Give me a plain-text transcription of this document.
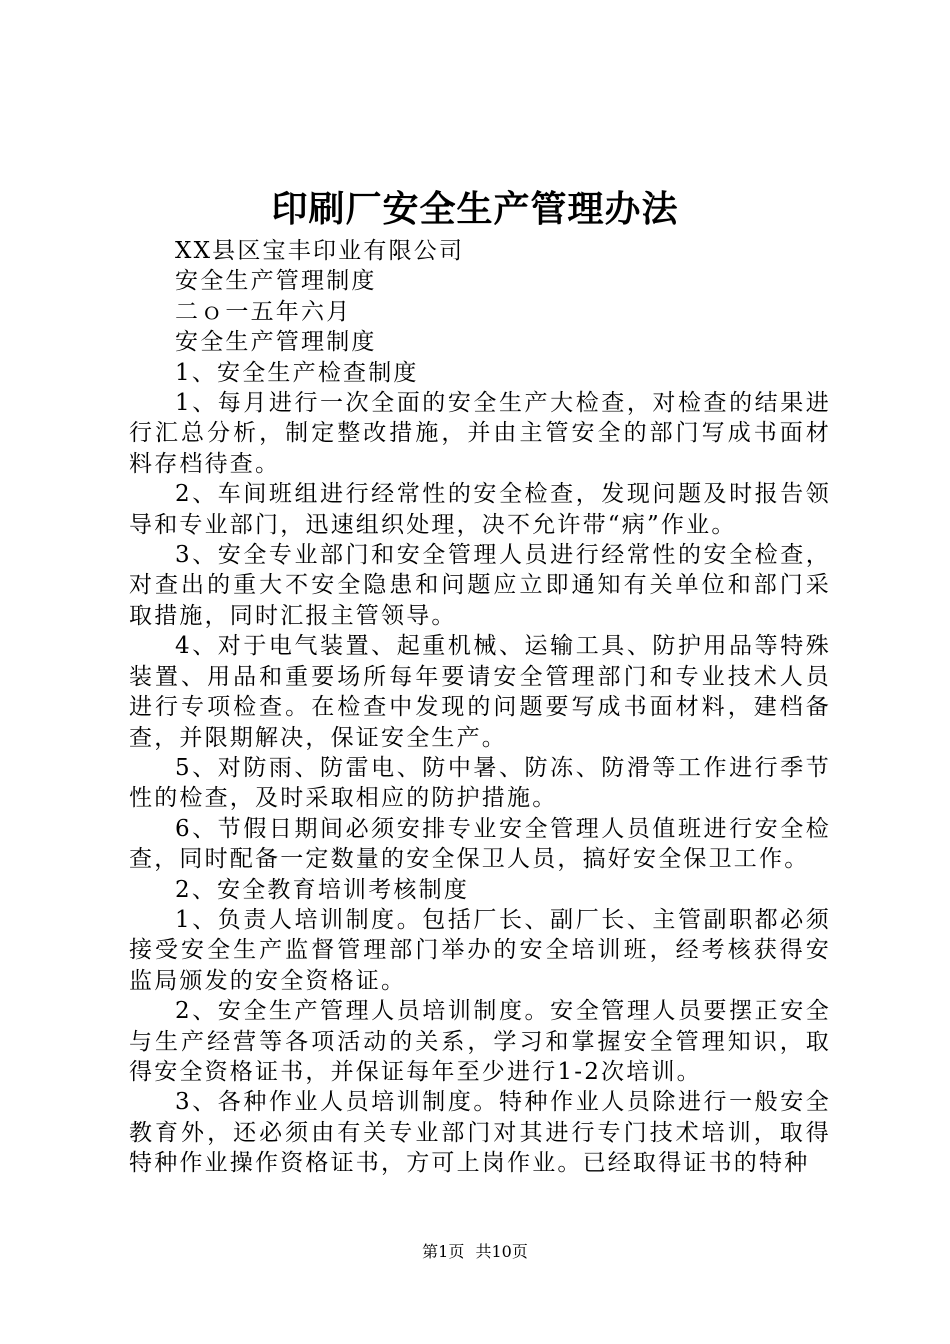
印刷厂安全生产管理办法

XX县区宝丰印业有限公司

安全生产管理制度

二ｏ一五年六月

安全生产管理制度

1、安全生产检查制度

1、每月进行一次全面的安全生产大检查，对检查的结果进行汇总分析，制定整改措施，并由主管安全的部门写成书面材料存档待查。

2、车间班组进行经常性的安全检查，发现问题及时报告领导和专业部门，迅速组织处理，决不允许带“病”作业。

3、安全专业部门和安全管理人员进行经常性的安全检查，对查出的重大不安全隐患和问题应立即通知有关单位和部门采取措施，同时汇报主管领导。

4、对于电气装置、起重机械、运输工具、防护用品等特殊装置、用品和重要场所每年要请安全管理部门和专业技术人员进行专项检查。在检查中发现的问题要写成书面材料，建档备查，并限期解决，保证安全生产。

5、对防雨、防雷电、防中暑、防冻、防滑等工作进行季节性的检查，及时采取相应的防护措施。

6、节假日期间必须安排专业安全管理人员值班进行安全检查，同时配备一定数量的安全保卫人员，搞好安全保卫工作。

2、安全教育培训考核制度

1、负责人培训制度。包括厂长、副厂长、主管副职都必须接受安全生产监督管理部门举办的安全培训班，经考核获得安监局颁发的安全资格证。

2、安全生产管理人员培训制度。安全管理人员要摆正安全与生产经营等各项活动的关系，学习和掌握安全管理知识，取得安全资格证书，并保证每年至少进行1-2次培训。

3、各种作业人员培训制度。特种作业人员除进行一般安全教育外，还必须由有关专业部门对其进行专门技术培训，取得特种作业操作资格证书，方可上岗作业。已经取得证书的特种

第1页 共10页
